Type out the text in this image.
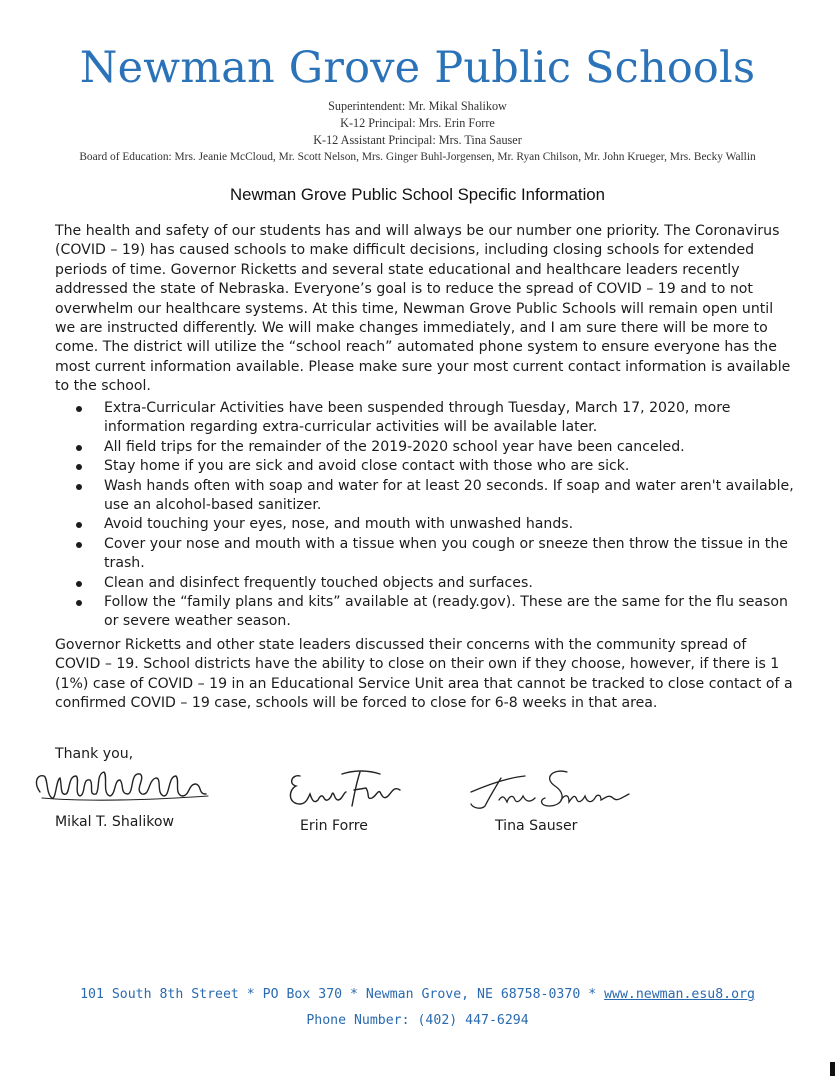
Newman Grove Public Schools
Superintendent: Mr. Mikal Shalikow
K-12 Principal: Mrs. Erin Forre
K-12 Assistant Principal: Mrs. Tina Sauser
Board of Education: Mrs. Jeanie McCloud, Mr. Scott Nelson, Mrs. Ginger Buhl-Jorgensen, Mr. Ryan Chilson, Mr. John Krueger, Mrs. Becky Wallin
Newman Grove Public School Specific Information
The health and safety of our students has and will always be our number one priority. The Coronavirus (COVID – 19) has caused schools to make difficult decisions, including closing schools for extended periods of time. Governor Ricketts and several state educational and healthcare leaders recently addressed the state of Nebraska. Everyone’s goal is to reduce the spread of COVID – 19 and to not overwhelm our healthcare systems. At this time, Newman Grove Public Schools will remain open until we are instructed differently. We will make changes immediately, and I am sure there will be more to come. The district will utilize the “school reach” automated phone system to ensure everyone has the most current information available. Please make sure your most current contact information is available to the school.
Extra-Curricular Activities have been suspended through Tuesday, March 17, 2020, more information regarding extra-curricular activities will be available later.
All field trips for the remainder of the 2019-2020 school year have been canceled.
Stay home if you are sick and avoid close contact with those who are sick.
Wash hands often with soap and water for at least 20 seconds. If soap and water aren't available, use an alcohol-based sanitizer.
Avoid touching your eyes, nose, and mouth with unwashed hands.
Cover your nose and mouth with a tissue when you cough or sneeze then throw the tissue in the trash.
Clean and disinfect frequently touched objects and surfaces.
Follow the “family plans and kits” available at (ready.gov). These are the same for the flu season or severe weather season.
Governor Ricketts and other state leaders discussed their concerns with the community spread of COVID – 19. School districts have the ability to close on their own if they choose, however, if there is 1 (1%) case of COVID – 19 in an Educational Service Unit area that cannot be tracked to close contact of a confirmed COVID – 19 case, schools will be forced to close for 6-8 weeks in that area.
Thank you,
Mikal T. Shalikow	Erin Forre	Tina Sauser
101 South 8th Street * PO Box 370 * Newman Grove, NE 68758-0370 * www.newman.esu8.org
Phone Number: (402) 447-6294
